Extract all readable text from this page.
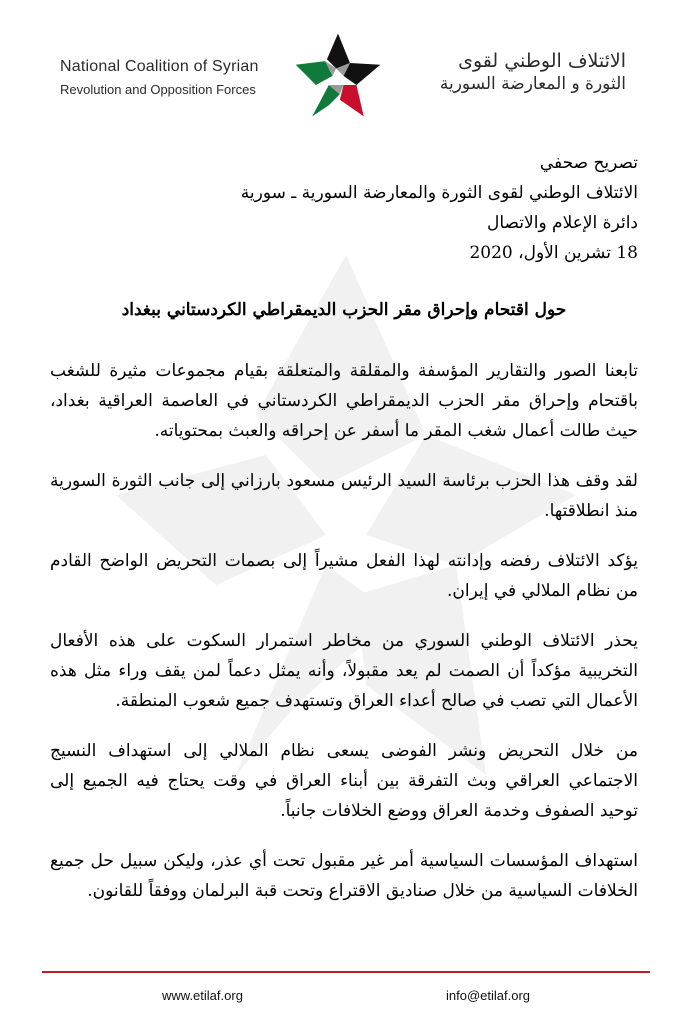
National Coalition of Syrian
Revolution and Opposition Forces
الائتلاف الوطني لقوى
الثورة و المعارضة السورية
تصريح صحفي
الائتلاف الوطني لقوى الثورة والمعارضة السورية ـ سورية
دائرة الإعلام والاتصال
18 تشرين الأول، 2020
حول اقتحام وإحراق مقر الحزب الديمقراطي الكردستاني ببغداد

تابعنا الصور والتقارير المؤسفة والمقلقة والمتعلقة بقيام مجموعات مثيرة للشغب باقتحام وإحراق مقر الحزب الديمقراطي الكردستاني في العاصمة العراقية بغداد، حيث طالت أعمال شغب المقر ما أسفر عن إحراقه والعبث بمحتوياته.

لقد وقف هذا الحزب برئاسة السيد الرئيس مسعود بارزاني إلى جانب الثورة السورية منذ انطلاقتها.

يؤكد الائتلاف رفضه وإدانته لهذا الفعل مشيراً إلى بصمات التحريض الواضح القادم من نظام الملالي في إيران.

يحذر الائتلاف الوطني السوري من مخاطر استمرار السكوت على هذه الأفعال التخريبية مؤكداً أن الصمت لم يعد مقبولاً، وأنه يمثل دعماً لمن يقف وراء مثل هذه الأعمال التي تصب في صالح أعداء العراق وتستهدف جميع شعوب المنطقة.

من خلال التحريض ونشر الفوضى يسعى نظام الملالي إلى استهداف النسيج الاجتماعي العراقي وبث التفرقة بين أبناء العراق في وقت يحتاج فيه الجميع إلى توحيد الصفوف وخدمة العراق ووضع الخلافات جانباً.

استهداف المؤسسات السياسية أمر غير مقبول تحت أي عذر، وليكن سبيل حل جميع الخلافات السياسية من خلال صناديق الاقتراع وتحت قبة البرلمان ووفقاً للقانون.

www.etilaf.org	info@etilaf.org
